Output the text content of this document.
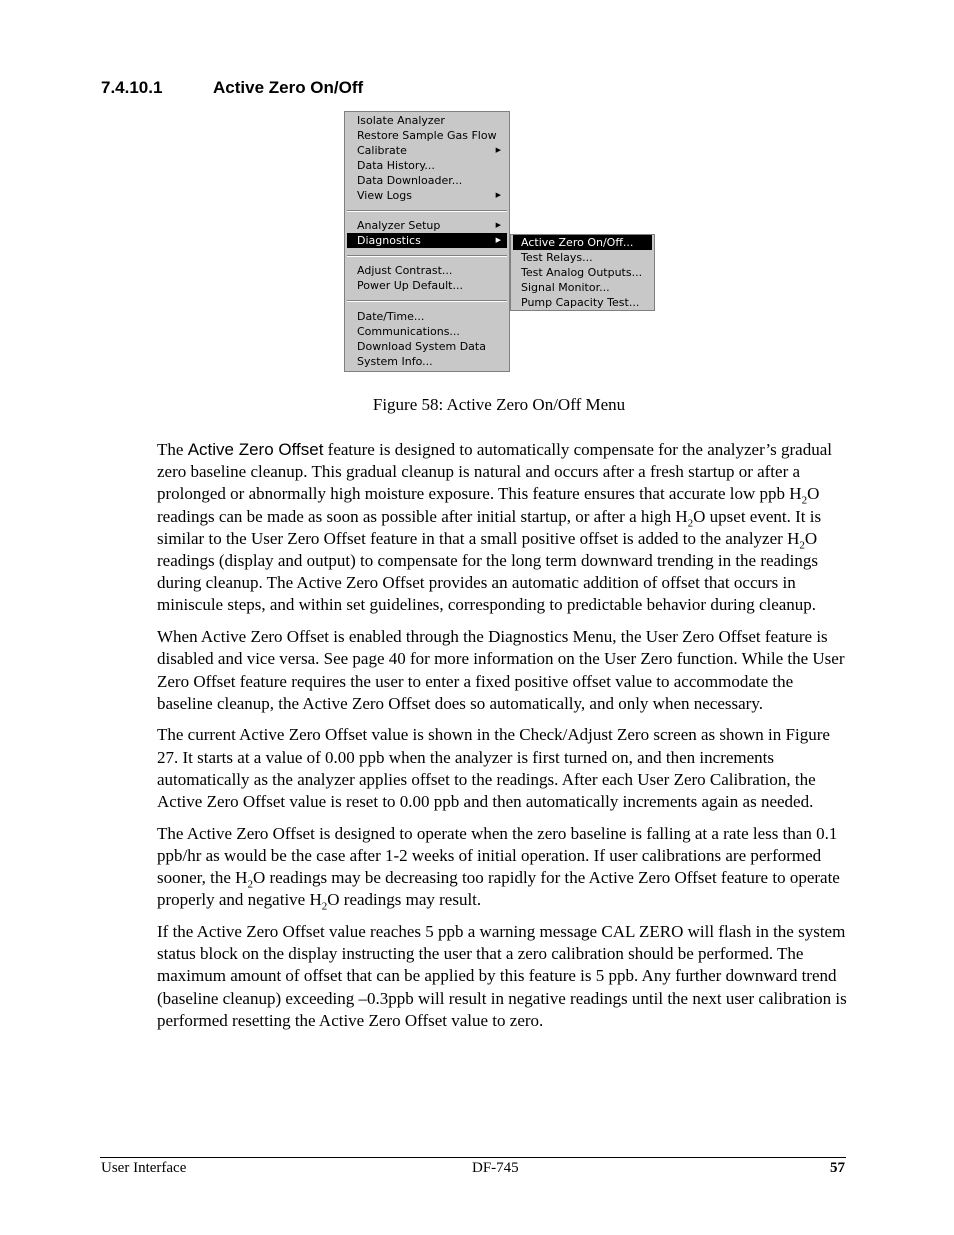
7.4.10.1	Active Zero On/Off
Isolate Analyzer
Restore Sample Gas Flow
Calibrate	▶
Data History...
Data Downloader...
View Logs	▶
Analyzer Setup	▶
Diagnostics	▶
Adjust Contrast...
Power Up Default...
Date/Time...
Communications...
Download System Data
System Info...
Active Zero On/Off...
Test Relays...
Test Analog Outputs...
Signal Monitor...
Pump Capacity Test...
Figure 58: Active Zero On/Off Menu

The Active Zero Offset feature is designed to automatically compensate for the analyzer’s gradual zero baseline cleanup. This gradual cleanup is natural and occurs after a fresh startup or after a prolonged or abnormally high moisture exposure. This feature ensures that accurate low ppb $H_2O$ readings can be made as soon as possible after initial startup, or after a high $H_2O$ upset event. It is similar to the User Zero Offset feature in that a small positive offset is added to the analyzer $H_2O$ readings (display and output) to compensate for the long term downward trending in the readings during cleanup. The Active Zero Offset provides an automatic addition of offset that occurs in miniscule steps, and within set guidelines, corresponding to predictable behavior during cleanup.

When Active Zero Offset is enabled through the Diagnostics Menu, the User Zero Offset feature is disabled and vice versa. See page 40 for more information on the User Zero function. While the User Zero Offset feature requires the user to enter a fixed positive offset value to accommodate the baseline cleanup, the Active Zero Offset does so automatically, and only when necessary.

The current Active Zero Offset value is shown in the Check/Adjust Zero screen as shown in Figure 27. It starts at a value of 0.00 ppb when the analyzer is first turned on, and then increments automatically as the analyzer applies offset to the readings. After each User Zero Calibration, the Active Zero Offset value is reset to 0.00 ppb and then automatically increments again as needed.

The Active Zero Offset is designed to operate when the zero baseline is falling at a rate less than 0.1 ppb/hr as would be the case after 1-2 weeks of initial operation. If user calibrations are performed sooner, the $H_2O$ readings may be decreasing too rapidly for the Active Zero Offset feature to operate properly and negative $H_2O$ readings may result.

If the Active Zero Offset value reaches 5 ppb a warning message CAL ZERO will flash in the system status block on the display instructing the user that a zero calibration should be performed. The maximum amount of offset that can be applied by this feature is 5 ppb. Any further downward trend (baseline cleanup) exceeding –0.3ppb will result in negative readings until the next user calibration is performed resetting the Active Zero Offset value to zero.

User Interface	DF-745	57
